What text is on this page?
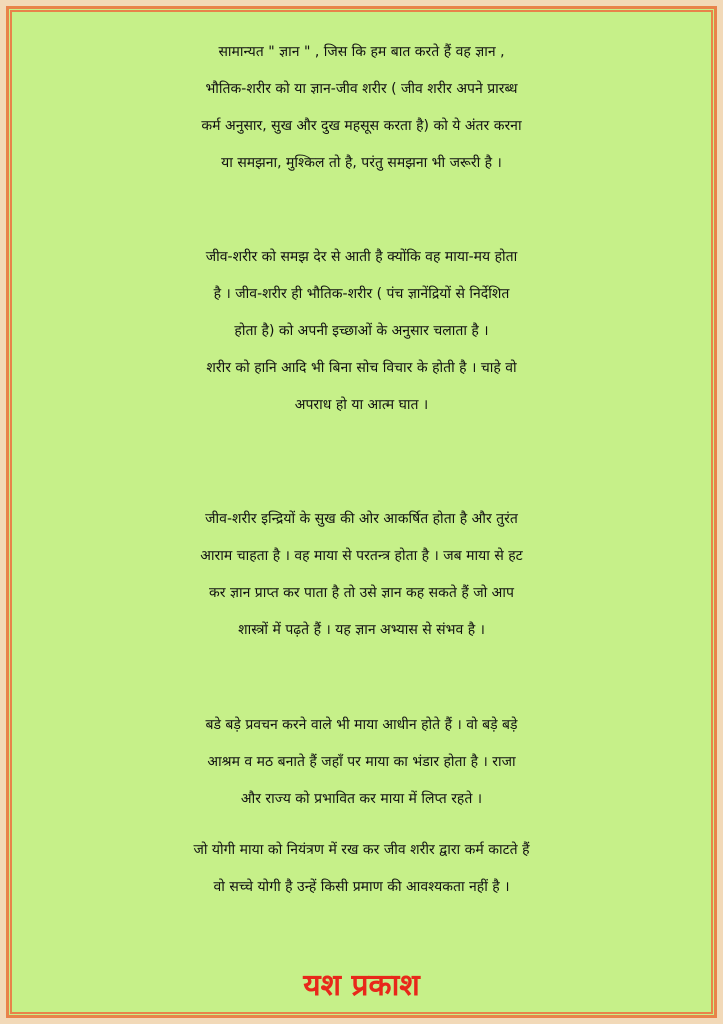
सामान्यत " ज्ञान " , जिस कि हम बात करते हैं वह ज्ञान ,
भौतिक-शरीर को या ज्ञान-जीव शरीर ( जीव शरीर अपने प्रारब्ध
कर्म अनुसार, सुख और दुख महसूस करता है) को ये अंतर करना
या समझना, मुश्किल तो है, परंतु समझना भी जरूरी है ।

जीव-शरीर को समझ देर से आती है क्योंकि वह माया-मय होता
है । जीव-शरीर ही भौतिक-शरीर ( पंच ज्ञानेंद्रियों से निर्देशित
होता है) को अपनी इच्छाओं के अनुसार चलाता है ।
शरीर को हानि आदि भी बिना सोच विचार के होती है । चाहे वो
अपराध हो या आत्म घात ।

जीव-शरीर इन्द्रियों के सुख की ओर आकर्षित होता है और तुरंत
आराम चाहता है । वह माया से परतन्त्र होता है । जब माया से हट
कर ज्ञान प्राप्त कर पाता है तो उसे ज्ञान कह सकते हैं जो आप
शास्त्रों में पढ़ते हैं । यह ज्ञान अभ्यास से संभव है ।

बडे बड़े प्रवचन करने वाले भी माया आधीन होते हैं । वो बड़े बड़े
आश्रम व मठ बनाते हैं जहाँ पर माया का भंडार होता है । राजा
और राज्य को प्रभावित कर माया में लिप्त रहते ।

जो योगी माया को नियंत्रण में रख कर जीव शरीर द्वारा कर्म काटते हैं
वो सच्चे योगी है उन्हें किसी प्रमाण की आवश्यकता नहीं है ।

यश प्रकाश
